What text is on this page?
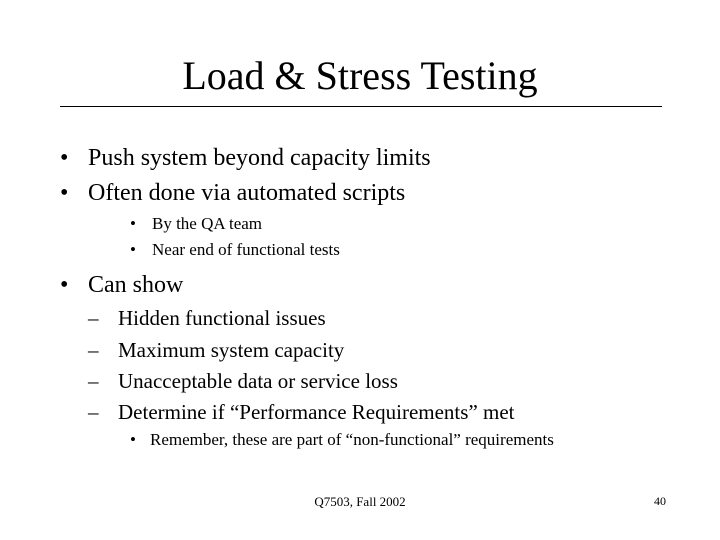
Load & Stress Testing
• Push system beyond capacity limits
• Often done via automated scripts
• By the QA team
• Near end of functional tests
• Can show
– Hidden functional issues
– Maximum system capacity
– Unacceptable data or service loss
– Determine if “Performance Requirements” met
• Remember, these are part of “non-functional” requirements
Q7503, Fall 2002	40
